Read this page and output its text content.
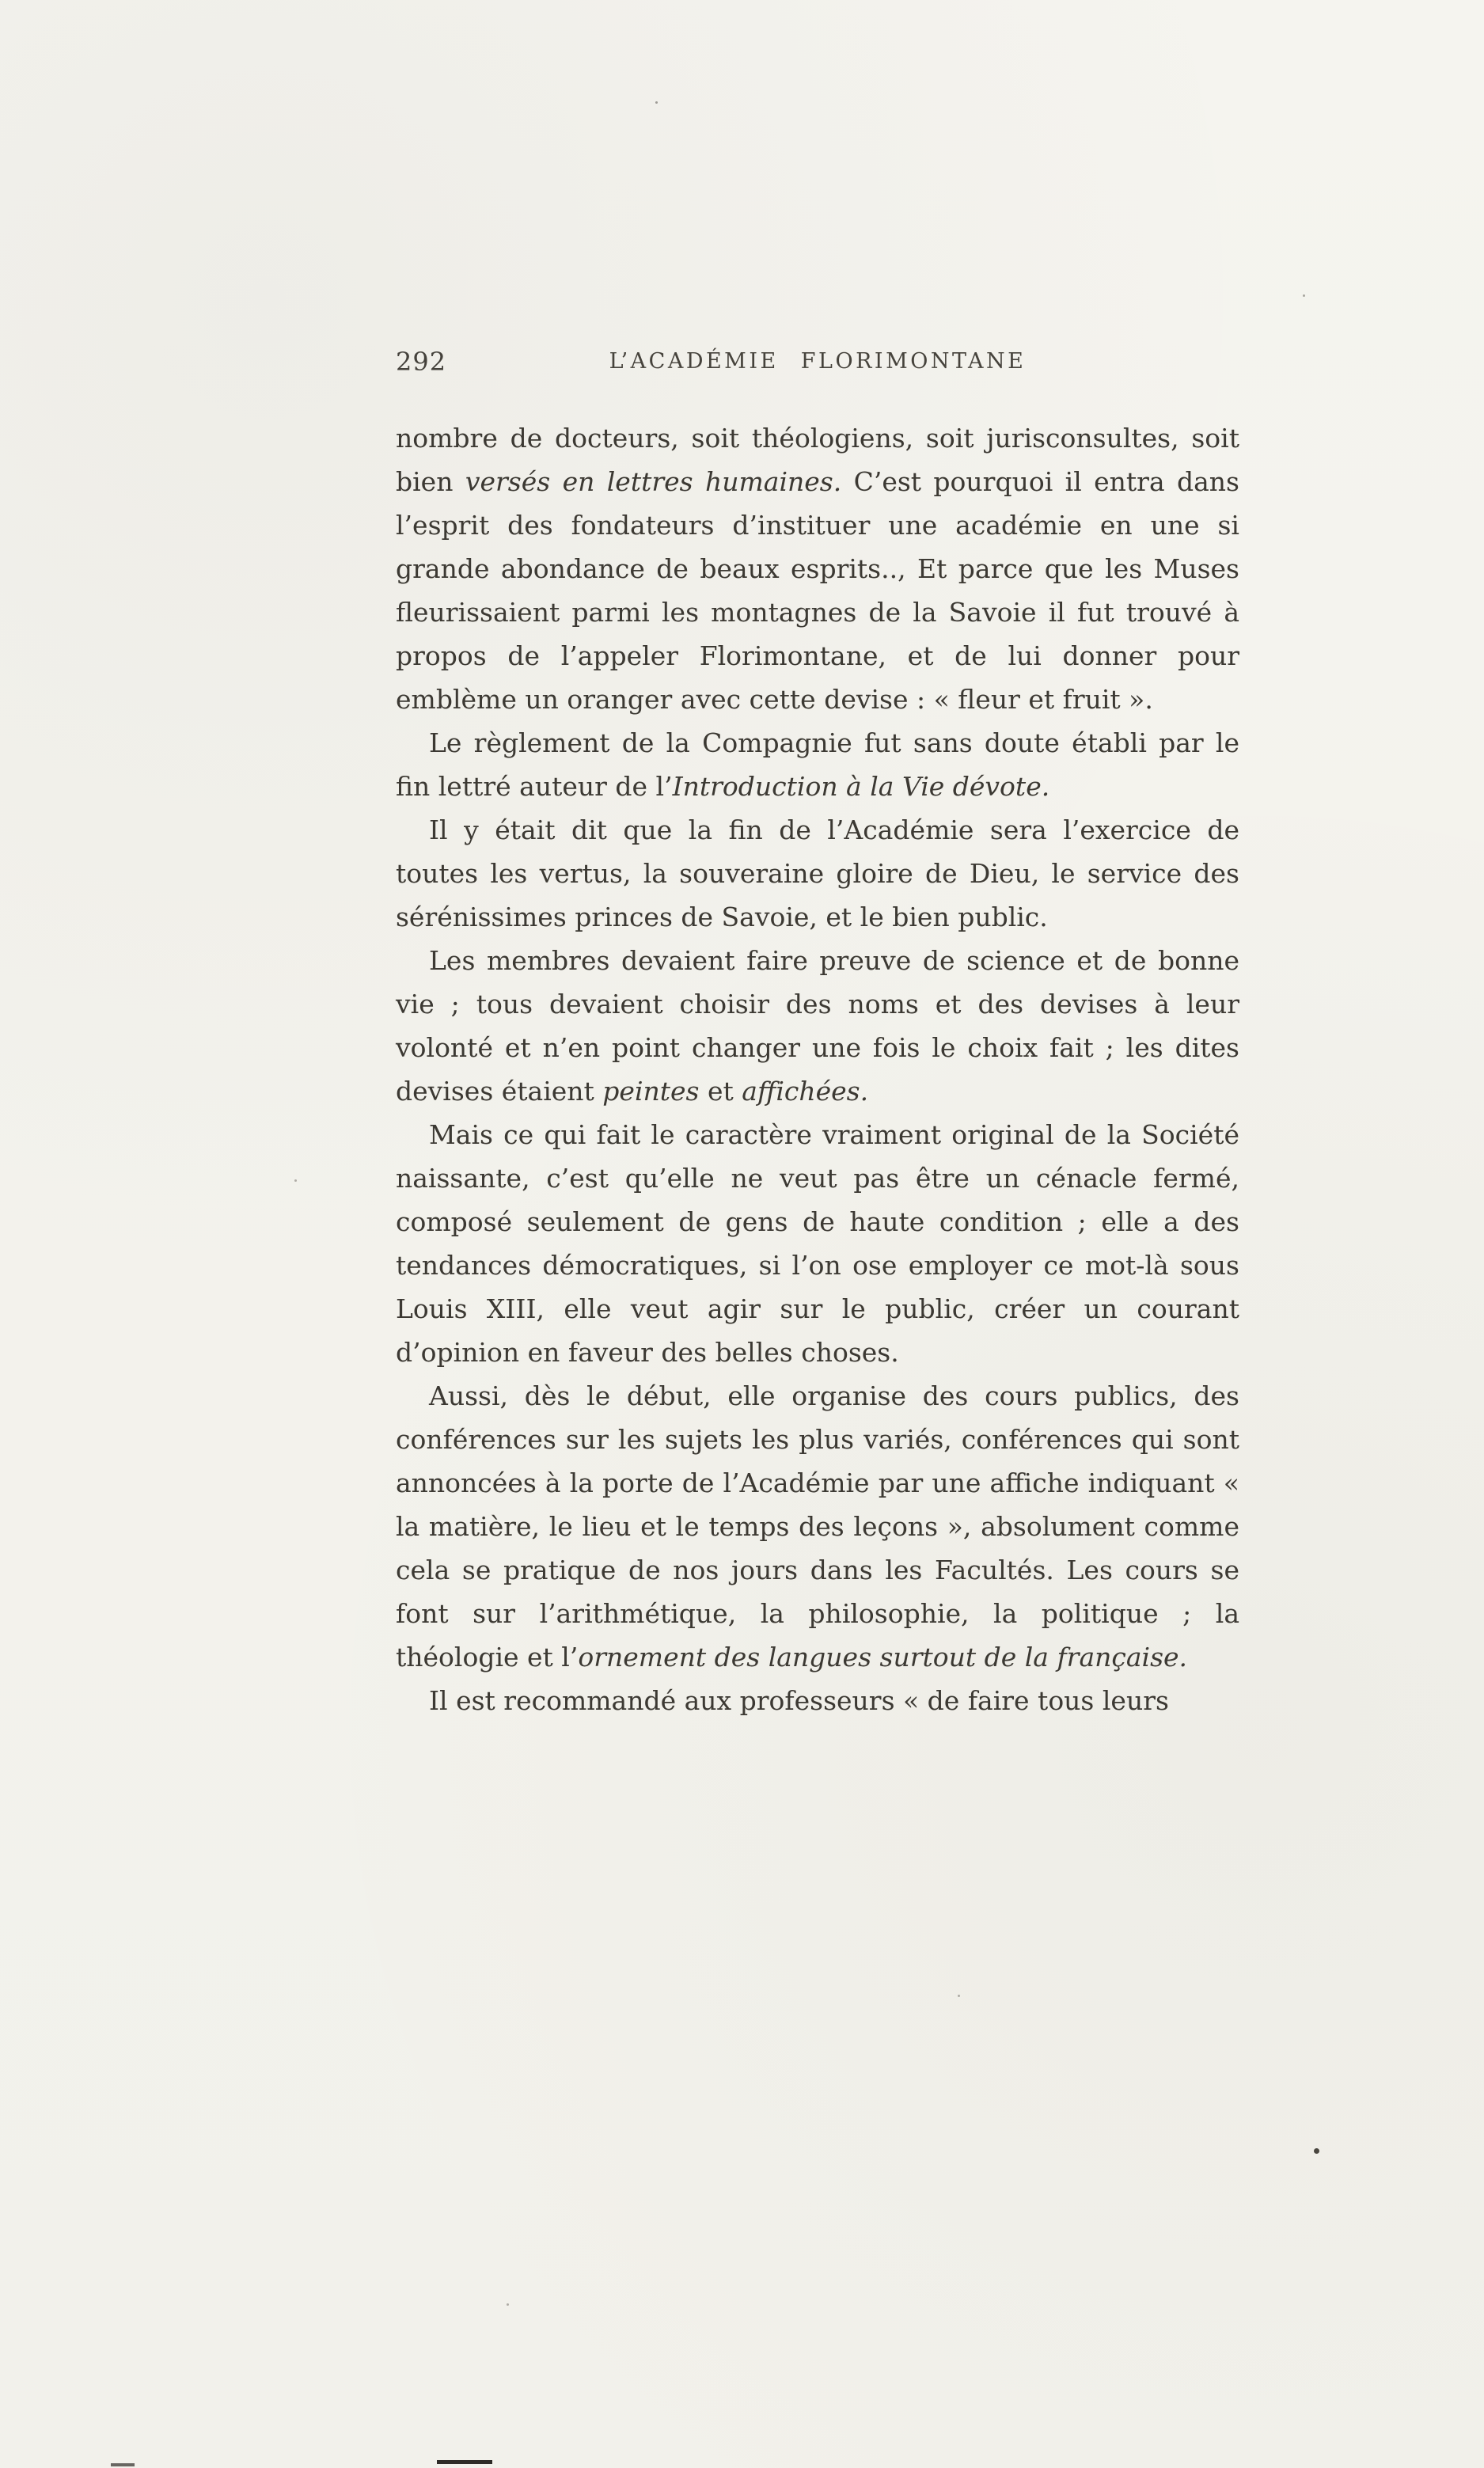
292	L’ACADÉMIE FLORIMONTANE

nombre de docteurs, soit théologiens, soit jurisconsultes, soit bien versés en lettres humaines. C’est pourquoi il entra dans l’esprit des fondateurs d’instituer une académie en une si grande abondance de beaux esprits.., Et parce que les Muses fleurissaient parmi les montagnes de la Savoie il fut trouvé à propos de l’appeler Florimontane, et de lui donner pour emblème un oranger avec cette devise : « fleur et fruit ».

Le règlement de la Compagnie fut sans doute établi par le fin lettré auteur de l’Introduction à la Vie dévote.

Il y était dit que la fin de l’Académie sera l’exercice de toutes les vertus, la souveraine gloire de Dieu, le service des sérénissimes princes de Savoie, et le bien public.

Les membres devaient faire preuve de science et de bonne vie ; tous devaient choisir des noms et des devises à leur volonté et n’en point changer une fois le choix fait ; les dites devises étaient peintes et affichées.

Mais ce qui fait le caractère vraiment original de la Société naissante, c’est qu’elle ne veut pas être un cénacle fermé, composé seulement de gens de haute condition ; elle a des tendances démocratiques, si l’on ose employer ce mot-là sous Louis XIII, elle veut agir sur le public, créer un courant d’opinion en faveur des belles choses.

Aussi, dès le début, elle organise des cours publics, des conférences sur les sujets les plus variés, conférences qui sont annoncées à la porte de l’Académie par une affiche indiquant « la matière, le lieu et le temps des leçons », absolument comme cela se pratique de nos jours dans les Facultés. Les cours se font sur l’arithmétique, la philosophie, la politique ; la théologie et l’ornement des langues surtout de la française.

Il est recommandé aux professeurs « de faire tous leurs
